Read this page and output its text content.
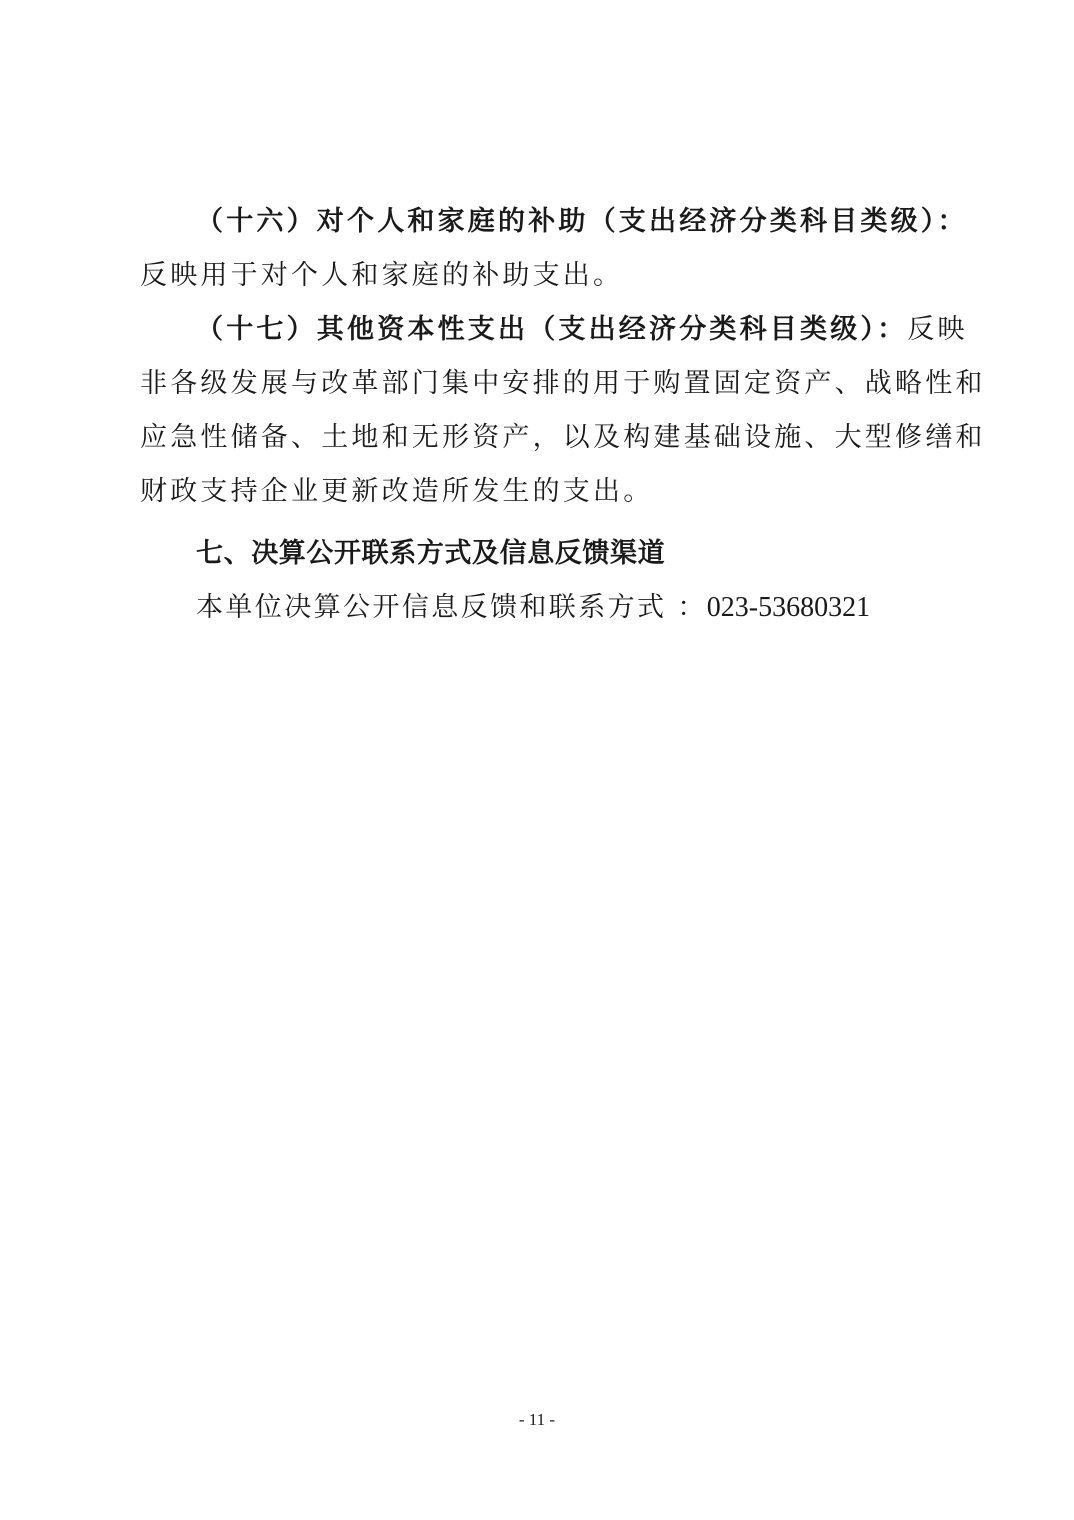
（十六）对个人和家庭的补助（支出经济分类科目类级）：
反映用于对个人和家庭的补助支出。
（十七）其他资本性支出（支出经济分类科目类级）：反映
非各级发展与改革部门集中安排的用于购置固定资产、战略性和
应急性储备、土地和无形资产，以及构建基础设施、大型修缮和
财政支持企业更新改造所发生的支出。
七、决算公开联系方式及信息反馈渠道
本单位决算公开信息反馈和联系方式 ：023-53680321
- 11 -
